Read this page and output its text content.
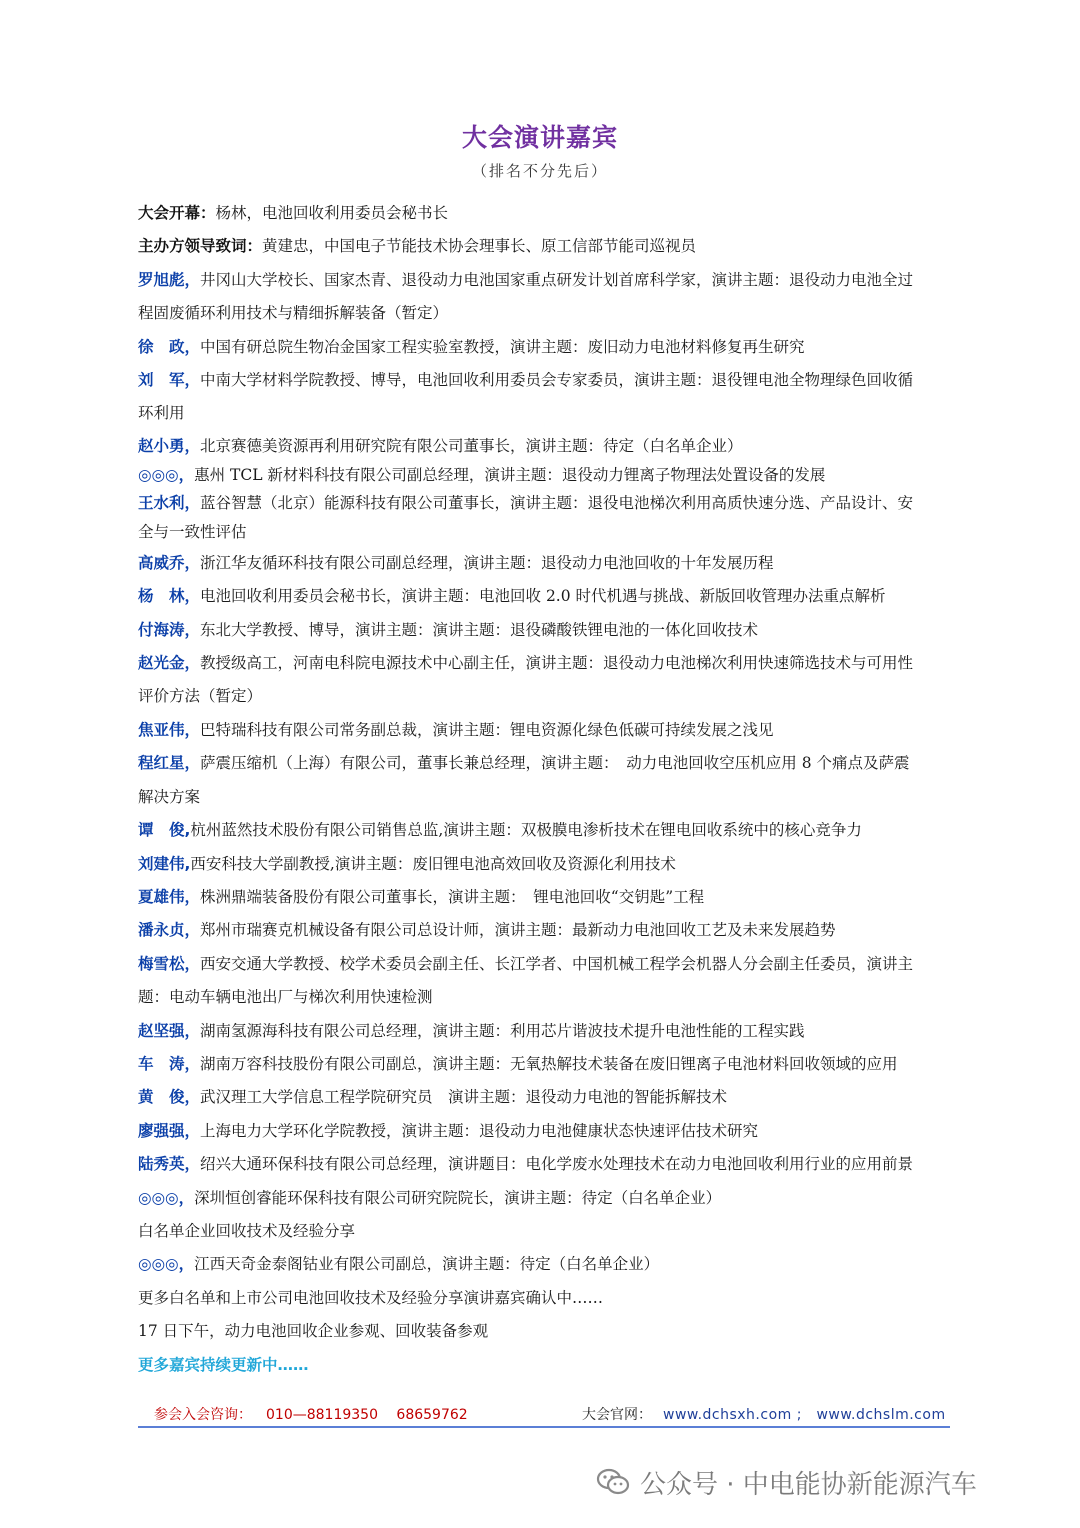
大会演讲嘉宾
（排名不分先后）

大会开幕：杨林，电池回收利用委员会秘书长

主办方领导致词：黄建忠，中国电子节能技术协会理事长、原工信部节能司巡视员

罗旭彪，井冈山大学校长、国家杰青、退役动力电池国家重点研发计划首席科学家，演讲主题：退役动力电池全过

程固废循环利用技术与精细拆解装备（暂定）

徐　政，中国有研总院生物冶金国家工程实验室教授，演讲主题：废旧动力电池材料修复再生研究

刘　军，中南大学材料学院教授、博导，电池回收利用委员会专家委员，演讲主题：退役锂电池全物理绿色回收循

环利用

赵小勇，北京赛德美资源再利用研究院有限公司董事长，演讲主题：待定（白名单企业）

◎◎◎，惠州 TCL 新材料科技有限公司副总经理，演讲主题：退役动力锂离子物理法处置设备的发展

王水利，蓝谷智慧（北京）能源科技有限公司董事长，演讲主题：退役电池梯次利用高质快速分选、产品设计、安

全与一致性评估

高威乔，浙江华友循环科技有限公司副总经理，演讲主题：退役动力电池回收的十年发展历程

杨　林，电池回收利用委员会秘书长，演讲主题：电池回收 2.0 时代机遇与挑战、新版回收管理办法重点解析

付海涛，东北大学教授、博导，演讲主题：演讲主题：退役磷酸铁锂电池的一体化回收技术

赵光金，教授级高工，河南电科院电源技术中心副主任，演讲主题：退役动力电池梯次利用快速筛选技术与可用性

评价方法（暂定）

焦亚伟，巴特瑞科技有限公司常务副总裁，演讲主题：锂电资源化绿色低碳可持续发展之浅见

程红星，萨震压缩机（上海）有限公司，董事长兼总经理，演讲主题：　动力电池回收空压机应用 8 个痛点及萨震

解决方案

谭　俊,杭州蓝然技术股份有限公司销售总监,演讲主题：双极膜电渗析技术在锂电回收系统中的核心竞争力

刘建伟,西安科技大学副教授,演讲主题：废旧锂电池高效回收及资源化利用技术

夏雄伟，株洲鼎端装备股份有限公司董事长，演讲主题：　锂电池回收“交钥匙”工程

潘永贞，郑州市瑞赛克机械设备有限公司总设计师，演讲主题：最新动力电池回收工艺及未来发展趋势

梅雪松，西安交通大学教授、校学术委员会副主任、长江学者、中国机械工程学会机器人分会副主任委员，演讲主

题：电动车辆电池出厂与梯次利用快速检测

赵坚强，湖南氢源海科技有限公司总经理，演讲主题：利用芯片谐波技术提升电池性能的工程实践

车　涛，湖南万容科技股份有限公司副总，演讲主题：无氧热解技术装备在废旧锂离子电池材料回收领域的应用

黄　俊，武汉理工大学信息工程学院研究员　演讲主题：退役动力电池的智能拆解技术

廖强强，上海电力大学环化学院教授，演讲主题：退役动力电池健康状态快速评估技术研究

陆秀英，绍兴大通环保科技有限公司总经理，演讲题目：电化学废水处理技术在动力电池回收利用行业的应用前景

◎◎◎，深圳恒创睿能环保科技有限公司研究院院长，演讲主题：待定（白名单企业）

白名单企业回收技术及经验分享

◎◎◎，江西天奇金泰阁钴业有限公司副总，演讲主题：待定（白名单企业）

更多白名单和上市公司电池回收技术及经验分享演讲嘉宾确认中……

17 日下午，动力电池回收企业参观、回收装备参观

更多嘉宾持续更新中……

参会入会咨询： 010—88119350　 68659762	大会官网： www.dchsxh.com ;　www.dchslm.com
公众号 · 中电能协新能源汽车
